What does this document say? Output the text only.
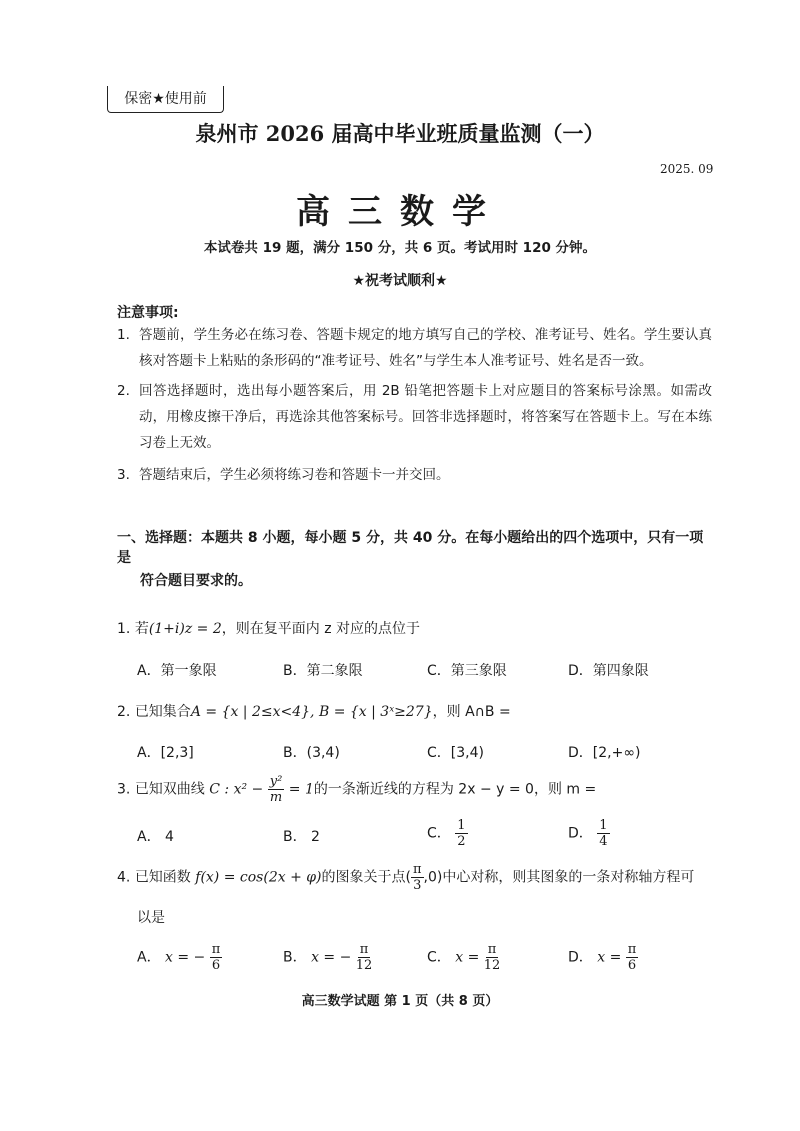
保密★使用前
泉州市 2026 届高中毕业班质量监测（一）
2025. 09
高三数学
本试卷共 19 题，满分 150 分，共 6 页。考试用时 120 分钟。
★祝考试顺利★
注意事项:
1. 答题前，学生务必在练习卷、答题卡规定的地方填写自己的学校、准考证号、姓名。学生要认真核对答题卡上粘贴的条形码的“准考证号、姓名”与学生本人准考证号、姓名是否一致。
2. 回答选择题时，选出每小题答案后，用 2B 铅笔把答题卡上对应题目的答案标号涂黑。如需改动，用橡皮擦干净后，再选涂其他答案标号。回答非选择题时，将答案写在答题卡上。写在本练习卷上无效。
3. 答题结束后，学生必须将练习卷和答题卡一并交回。
一、选择题：本题共 8 小题，每小题 5 分，共 40 分。在每小题给出的四个选项中，只有一项是
符合题目要求的。
1. 若(1+i)z = 2，则在复平面内 z 对应的点位于
A．第一象限	B．第二象限	C．第三象限	D．第四象限
2. 已知集合A = {x | 2≤x<4}, B = {x | 3ˣ≥27}，则 A∩B =
A．[2,3]	B．(3,4)	C．[3,4)	D．[2,+∞)
3. 已知双曲线 C : $x^2 - \frac{\text{y²}}{m} = 1$的一条渐近线的方程为 2x − y = 0，则 m =
A． 4	B． 2	C． $\frac{1}{2}$	D． $\frac{1}{4}$
4. 已知函数 f(x) = cos(2x + φ)的图象关于点( $\frac{\pi}{3} ,0$)中心对称，则其图象的一条对称轴方程可
以是
A． x = − $\frac{\pi}{6}$	B． x = − $\frac{\pi}{12}$	C． $x = \frac{\pi}{12}$	D． $x = \frac{\pi}{6}$
高三数学试题 第 1 页（共 8 页）
